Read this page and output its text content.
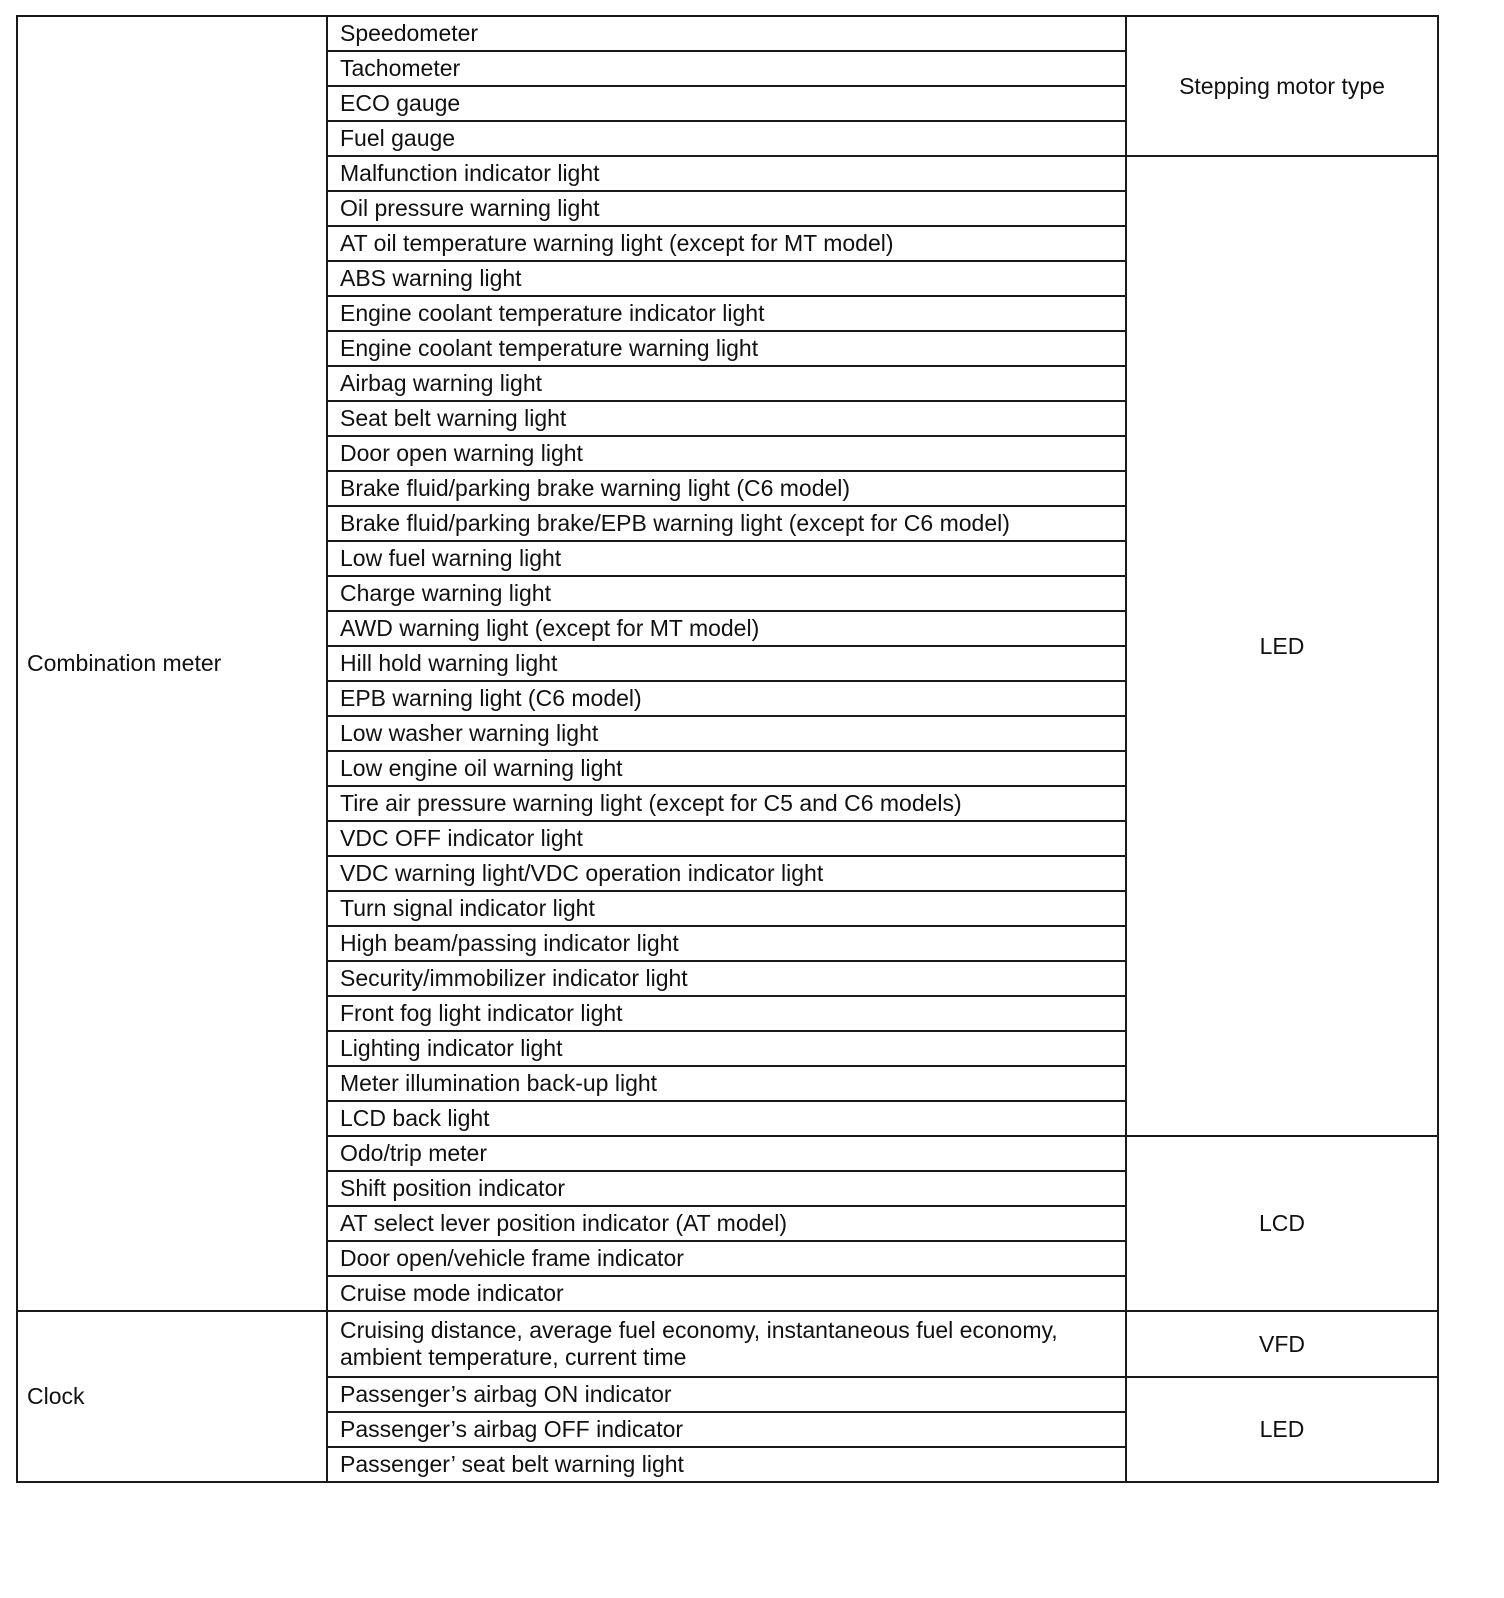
Combination meter	Speedometer	Stepping motor type
	Tachometer	
	ECO gauge	
	Fuel gauge	
	Malfunction indicator light	LED
	Oil pressure warning light	
	AT oil temperature warning light (except for MT model)	
	ABS warning light	
	Engine coolant temperature indicator light	
	Engine coolant temperature warning light	
	Airbag warning light	
	Seat belt warning light	
	Door open warning light	
	Brake fluid/parking brake warning light (C6 model)	
	Brake fluid/parking brake/EPB warning light (except for C6 model)	
	Low fuel warning light	
	Charge warning light	
	AWD warning light (except for MT model)	
	Hill hold warning light	
	EPB warning light (C6 model)	
	Low washer warning light	
	Low engine oil warning light	
	Tire air pressure warning light (except for C5 and C6 models)	
	VDC OFF indicator light	
	VDC warning light/VDC operation indicator light	
	Turn signal indicator light	
	High beam/passing indicator light	
	Security/immobilizer indicator light	
	Front fog light indicator light	
	Lighting indicator light	
	Meter illumination back-up light	
	LCD back light	
	Odo/trip meter	LCD
	Shift position indicator	
	AT select lever position indicator (AT model)	
	Door open/vehicle frame indicator	
	Cruise mode indicator	
Clock	Cruising distance, average fuel economy, instantaneous fuel economy, ambient temperature, current time	VFD
	Passenger’s airbag ON indicator	LED
	Passenger’s airbag OFF indicator	
	Passenger’ seat belt warning light	
